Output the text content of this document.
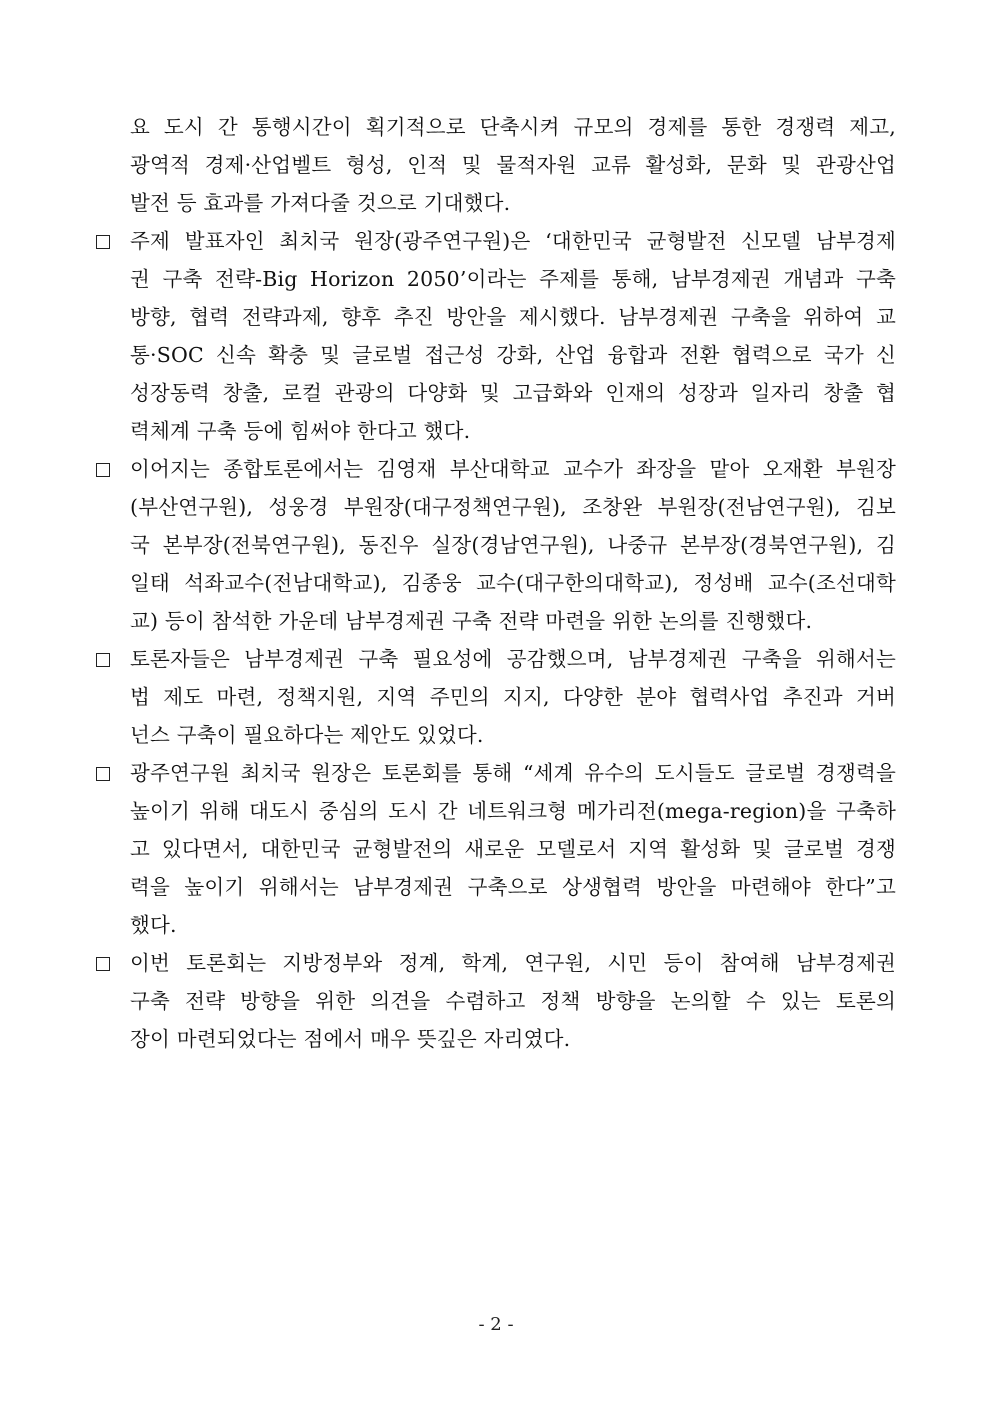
요 도시 간 통행시간이 획기적으로 단축시켜 규모의 경제를 통한 경쟁력 제고,
광역적 경제·산업벨트 형성, 인적 및 물적자원 교류 활성화, 문화 및 관광산업
발전 등 효과를 가져다줄 것으로 기대했다.
주제 발표자인 최치국 원장(광주연구원)은 ‘대한민국 균형발전 신모델 남부경제
권 구축 전략-Big Horizon 2050’이라는 주제를 통해, 남부경제권 개념과 구축
방향, 협력 전략과제, 향후 추진 방안을 제시했다. 남부경제권 구축을 위하여 교
통·SOC 신속 확충 및 글로벌 접근성 강화, 산업 융합과 전환 협력으로 국가 신
성장동력 창출, 로컬 관광의 다양화 및 고급화와 인재의 성장과 일자리 창출 협
력체계 구축 등에 힘써야 한다고 했다.
이어지는 종합토론에서는 김영재 부산대학교 교수가 좌장을 맡아 오재환 부원장
(부산연구원), 성웅경 부원장(대구정책연구원), 조창완 부원장(전남연구원), 김보
국 본부장(전북연구원), 동진우 실장(경남연구원), 나중규 본부장(경북연구원), 김
일태 석좌교수(전남대학교), 김종웅 교수(대구한의대학교), 정성배 교수(조선대학
교) 등이 참석한 가운데 남부경제권 구축 전략 마련을 위한 논의를 진행했다.
토론자들은 남부경제권 구축 필요성에 공감했으며, 남부경제권 구축을 위해서는
법 제도 마련, 정책지원, 지역 주민의 지지, 다양한 분야 협력사업 추진과 거버
넌스 구축이 필요하다는 제안도 있었다.
광주연구원 최치국 원장은 토론회를 통해 “세계 유수의 도시들도 글로벌 경쟁력을
높이기 위해 대도시 중심의 도시 간 네트워크형 메가리전(mega-region)을 구축하
고 있다면서, 대한민국 균형발전의 새로운 모델로서 지역 활성화 및 글로벌 경쟁
력을 높이기 위해서는 남부경제권 구축으로 상생협력 방안을 마련해야 한다”고
했다.
이번 토론회는 지방정부와 정계, 학계, 연구원, 시민 등이 참여해 남부경제권
구축 전략 방향을 위한 의견을 수렴하고 정책 방향을 논의할 수 있는 토론의
장이 마련되었다는 점에서 매우 뜻깊은 자리였다.
- 2 -
